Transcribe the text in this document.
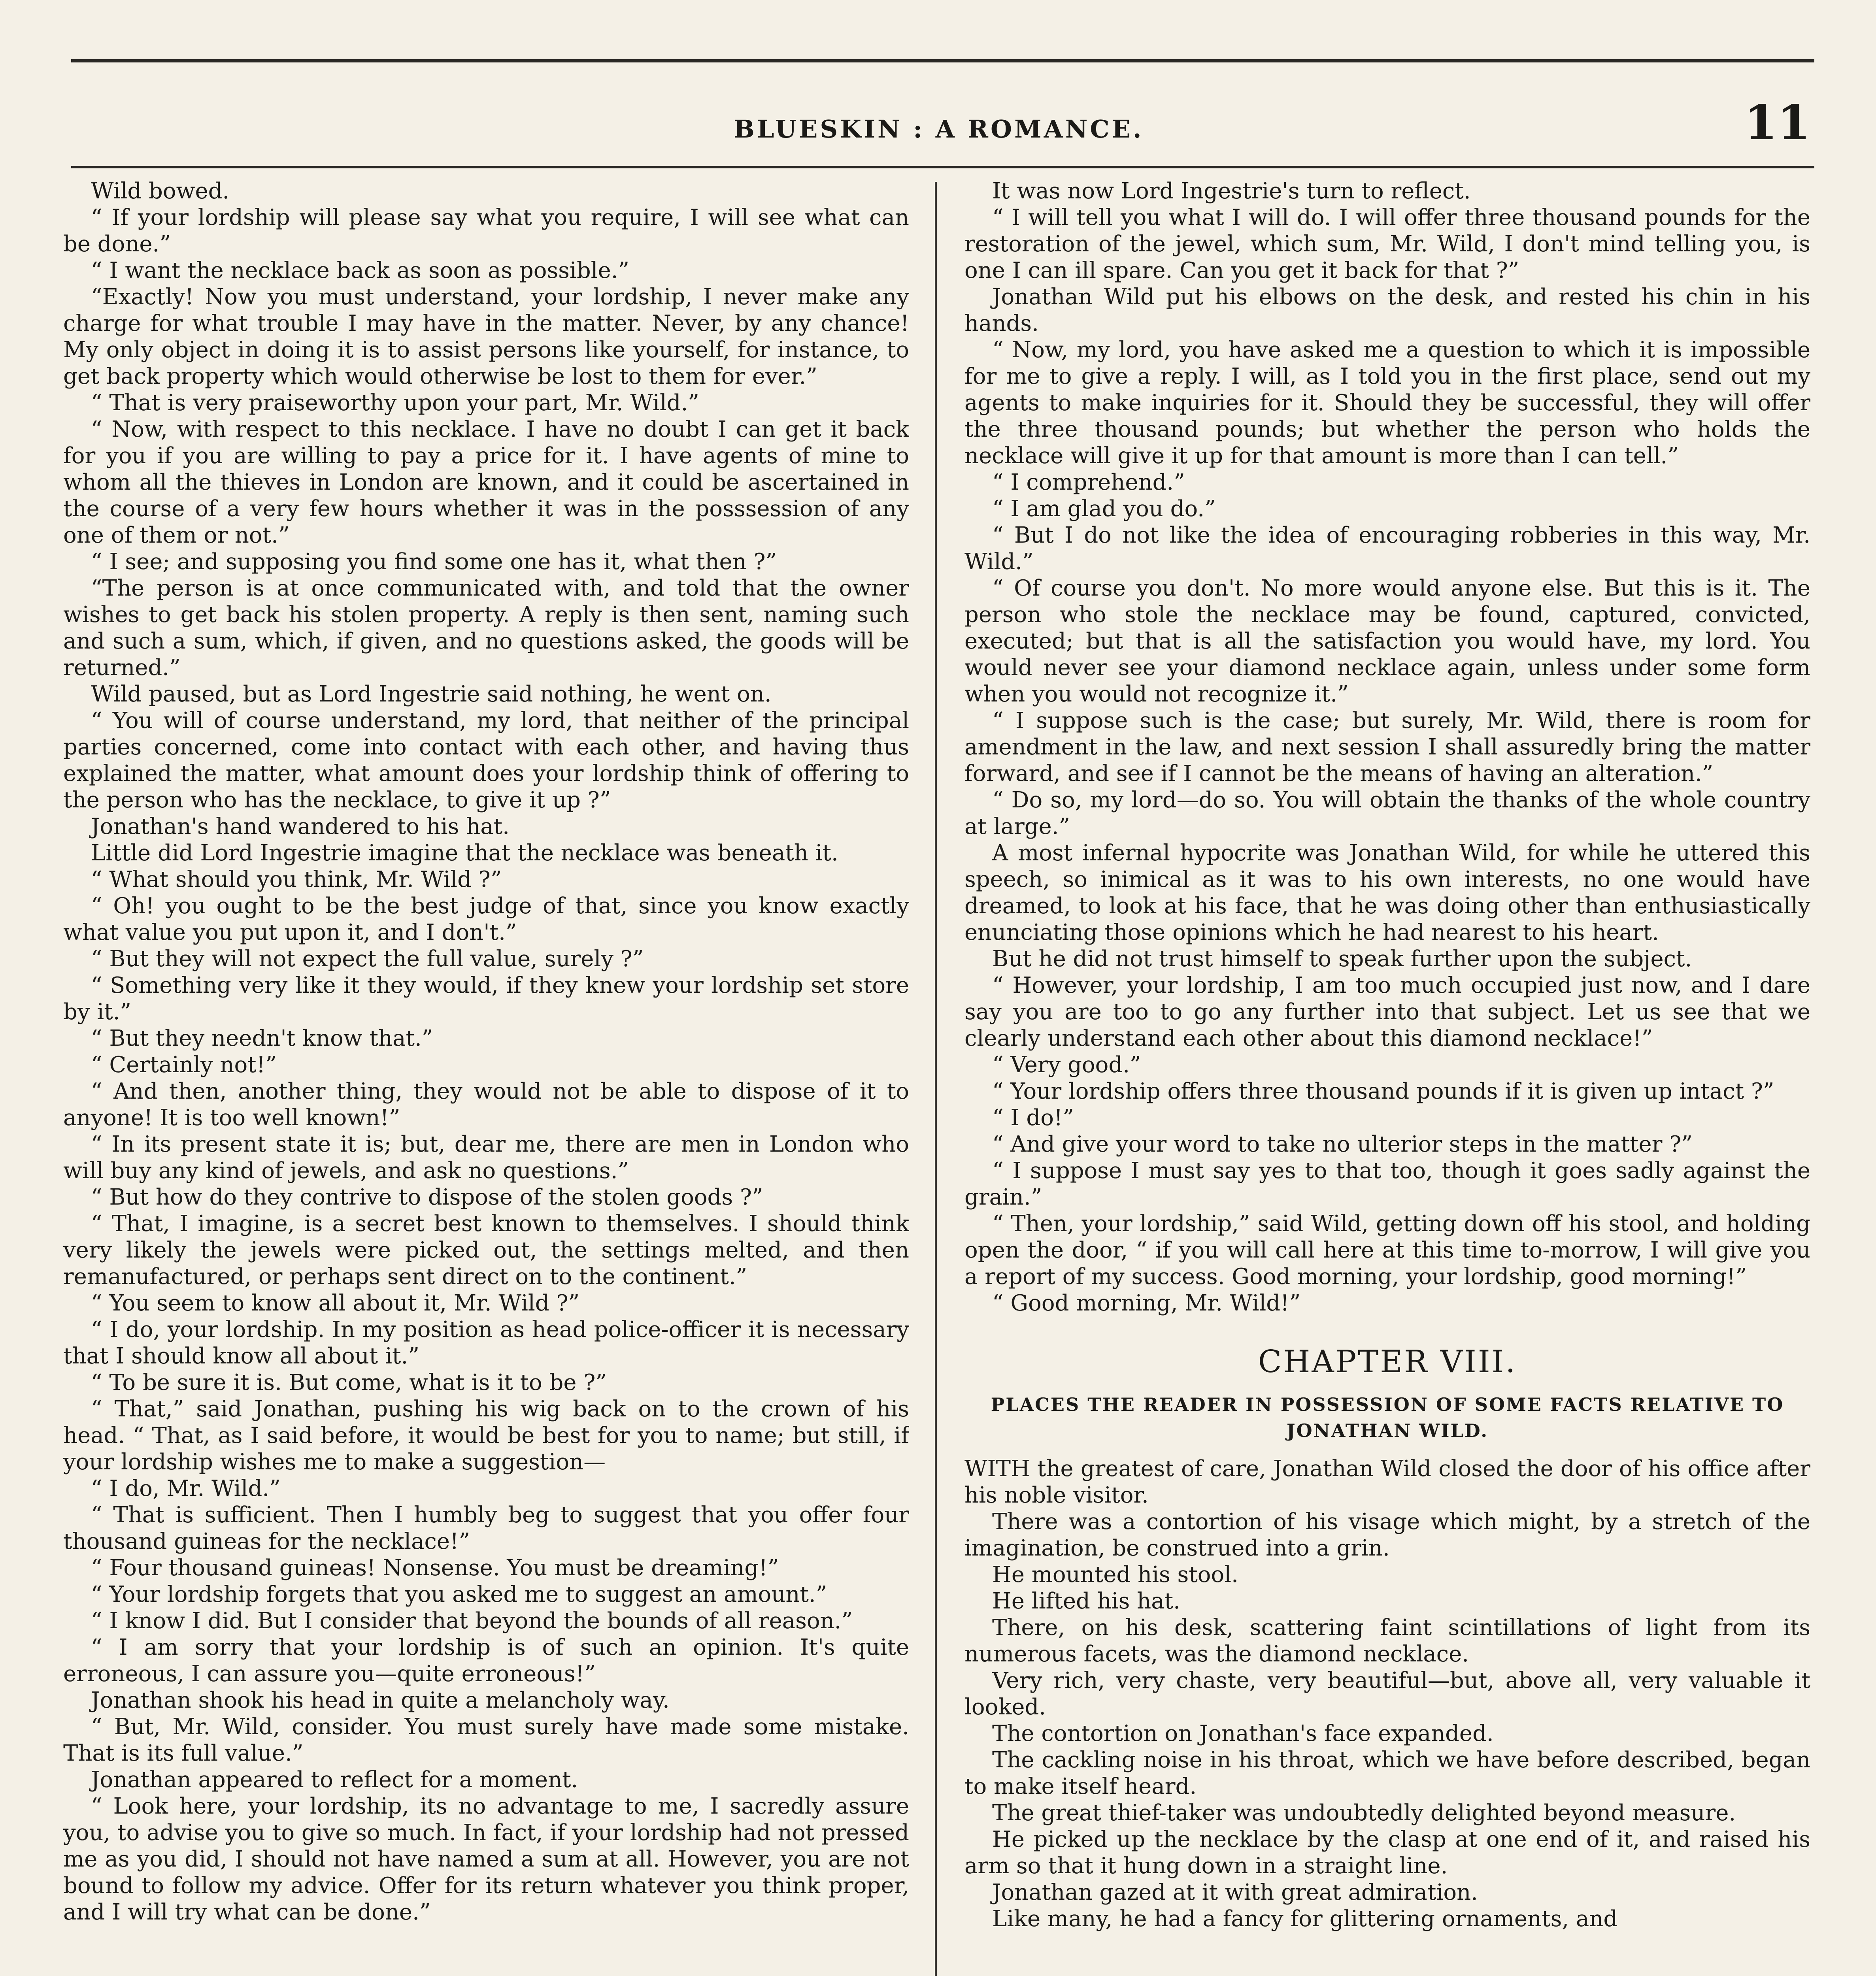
BLUESKIN : A ROMANCE.	11

Wild bowed.

“ If your lordship will please say what you require, I will see what can be done.”

“ I want the necklace back as soon as possible.”

“Exactly! Now you must understand, your lordship, I never make any charge for what trouble I may have in the matter. Never, by any chance! My only object in doing it is to assist persons like yourself, for instance, to get back property which would otherwise be lost to them for ever.”

“ That is very praiseworthy upon your part, Mr. Wild.”

“ Now, with respect to this necklace. I have no doubt I can get it back for you if you are willing to pay a price for it. I have agents of mine to whom all the thieves in London are known, and it could be ascertained in the course of a very few hours whether it was in the posssession of any one of them or not.”

“ I see; and supposing you find some one has it, what then ?”

“The person is at once communicated with, and told that the owner wishes to get back his stolen property. A reply is then sent, naming such and such a sum, which, if given, and no questions asked, the goods will be returned.”

Wild paused, but as Lord Ingestrie said nothing, he went on.

“ You will of course understand, my lord, that neither of the principal parties concerned, come into contact with each other, and having thus explained the matter, what amount does your lordship think of offering to the person who has the necklace, to give it up ?”

Jonathan's hand wandered to his hat.

Little did Lord Ingestrie imagine that the necklace was beneath it.

“ What should you think, Mr. Wild ?”

“ Oh! you ought to be the best judge of that, since you know exactly what value you put upon it, and I don't.”

“ But they will not expect the full value, surely ?”

“ Something very like it they would, if they knew your lordship set store by it.”

“ But they needn't know that.”

“ Certainly not!”

“ And then, another thing, they would not be able to dispose of it to anyone! It is too well known!”

“ In its present state it is; but, dear me, there are men in London who will buy any kind of jewels, and ask no questions.”

“ But how do they contrive to dispose of the stolen goods ?”

“ That, I imagine, is a secret best known to themselves. I should think very likely the jewels were picked out, the settings melted, and then remanufactured, or perhaps sent direct on to the continent.”

“ You seem to know all about it, Mr. Wild ?”

“ I do, your lordship. In my position as head police-officer it is necessary that I should know all about it.”

“ To be sure it is. But come, what is it to be ?”

“ That,” said Jonathan, pushing his wig back on to the crown of his head. “ That, as I said before, it would be best for you to name; but still, if your lordship wishes me to make a suggestion—

“ I do, Mr. Wild.”

“ That is sufficient. Then I humbly beg to suggest that you offer four thousand guineas for the necklace!”

“ Four thousand guineas! Nonsense. You must be dreaming!”

“ Your lordship forgets that you asked me to suggest an amount.”

“ I know I did. But I consider that beyond the bounds of all reason.”

“ I am sorry that your lordship is of such an opinion. It's quite erroneous, I can assure you—quite erroneous!”

Jonathan shook his head in quite a melancholy way.

“ But, Mr. Wild, consider. You must surely have made some mistake. That is its full value.”

Jonathan appeared to reflect for a moment.

“ Look here, your lordship, its no advantage to me, I sacredly assure you, to advise you to give so much. In fact, if your lordship had not pressed me as you did, I should not have named a sum at all. However, you are not bound to follow my advice. Offer for its return whatever you think proper, and I will try what can be done.”

It was now Lord Ingestrie's turn to reflect.

“ I will tell you what I will do. I will offer three thousand pounds for the restoration of the jewel, which sum, Mr. Wild, I don't mind telling you, is one I can ill spare. Can you get it back for that ?”

Jonathan Wild put his elbows on the desk, and rested his chin in his hands.

“ Now, my lord, you have asked me a question to which it is impossible for me to give a reply. I will, as I told you in the first place, send out my agents to make inquiries for it. Should they be successful, they will offer the three thousand pounds; but whether the person who holds the necklace will give it up for that amount is more than I can tell.”

“ I comprehend.”

“ I am glad you do.”

“ But I do not like the idea of encouraging robberies in this way, Mr. Wild.”

“ Of course you don't. No more would anyone else. But this is it. The person who stole the necklace may be found, captured, convicted, executed; but that is all the satisfaction you would have, my lord. You would never see your diamond necklace again, unless under some form when you would not recognize it.”

“ I suppose such is the case; but surely, Mr. Wild, there is room for amendment in the law, and next session I shall assuredly bring the matter forward, and see if I cannot be the means of having an alteration.”

“ Do so, my lord—do so. You will obtain the thanks of the whole country at large.”

A most infernal hypocrite was Jonathan Wild, for while he uttered this speech, so inimical as it was to his own interests, no one would have dreamed, to look at his face, that he was doing other than enthusiastically enunciating those opinions which he had nearest to his heart.

But he did not trust himself to speak further upon the subject.

“ However, your lordship, I am too much occupied just now, and I dare say you are too to go any further into that subject. Let us see that we clearly understand each other about this diamond necklace!”

“ Very good.”

“ Your lordship offers three thousand pounds if it is given up intact ?”

“ I do!”

“ And give your word to take no ulterior steps in the matter ?”

“ I suppose I must say yes to that too, though it goes sadly against the grain.”

“ Then, your lordship,” said Wild, getting down off his stool, and holding open the door, “ if you will call here at this time to-morrow, I will give you a report of my success. Good morning, your lordship, good morning!”

“ Good morning, Mr. Wild!”

CHAPTER VIII.
PLACES THE READER IN POSSESSION OF SOME FACTS RELATIVE TO JONATHAN WILD.

WITH the greatest of care, Jonathan Wild closed the door of his office after his noble visitor.

There was a contortion of his visage which might, by a stretch of the imagination, be construed into a grin.

He mounted his stool.

He lifted his hat.

There, on his desk, scattering faint scintillations of light from its numerous facets, was the diamond necklace.

Very rich, very chaste, very beautiful—but, above all, very valuable it looked.

The contortion on Jonathan's face expanded.

The cackling noise in his throat, which we have before described, began to make itself heard.

The great thief-taker was undoubtedly delighted beyond measure.

He picked up the necklace by the clasp at one end of it, and raised his arm so that it hung down in a straight line.

Jonathan gazed at it with great admiration.

Like many, he had a fancy for glittering ornaments, and
